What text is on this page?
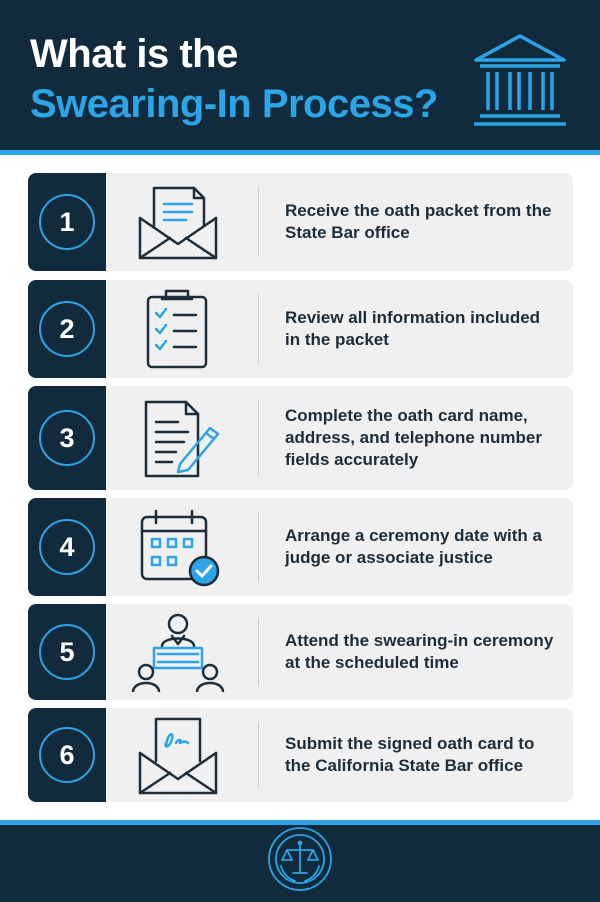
What is the
Swearing-In Process?
1	Receive the oath packet from the State Bar office
2	Review all information included in the packet
3
Complete the oath card name, address, and telephone number fields accurately
4	Arrange a ceremony date with a judge or associate justice
5	Attend the swearing-in ceremony at the scheduled time
6	Submit the signed oath card to the California State Bar office
